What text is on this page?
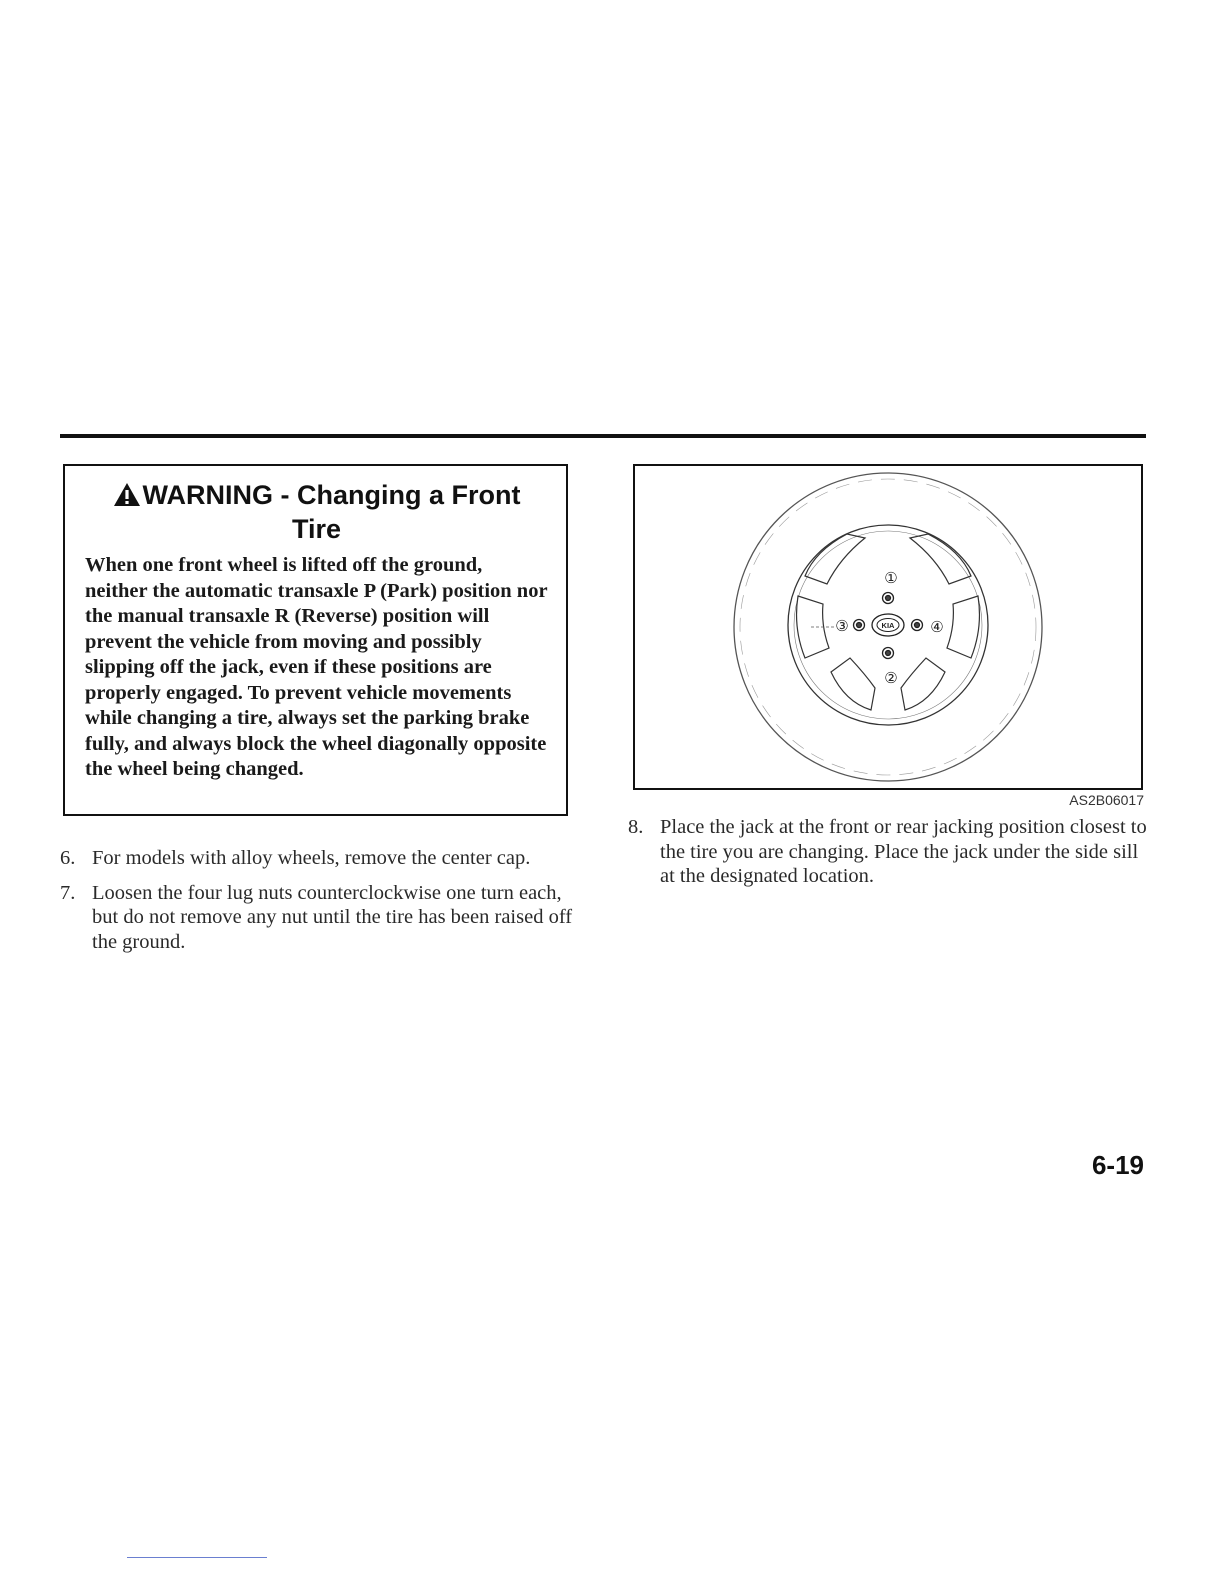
WARNING - Changing a Front Tire

When one front wheel is lifted off the ground, neither the automatic transaxle P (Park) position nor the manual transaxle R (Reverse) position will prevent the vehicle from moving and possibly slipping off the jack, even if these positions are properly engaged. To prevent vehicle movements while changing a tire, always set the parking brake fully, and always block the wheel diagonally opposite the wheel being changed.

6. For models with alloy wheels, remove the center cap.
7. Loosen the four lug nuts counterclockwise one turn each, but do not remove any nut until the tire has been raised off the ground.
KIA
①
②
③	④
AS2B06017
8. Place the jack at the front or rear jacking position closest to the tire you are changing. Place the jack under the side sill at the designated location.
6-19
